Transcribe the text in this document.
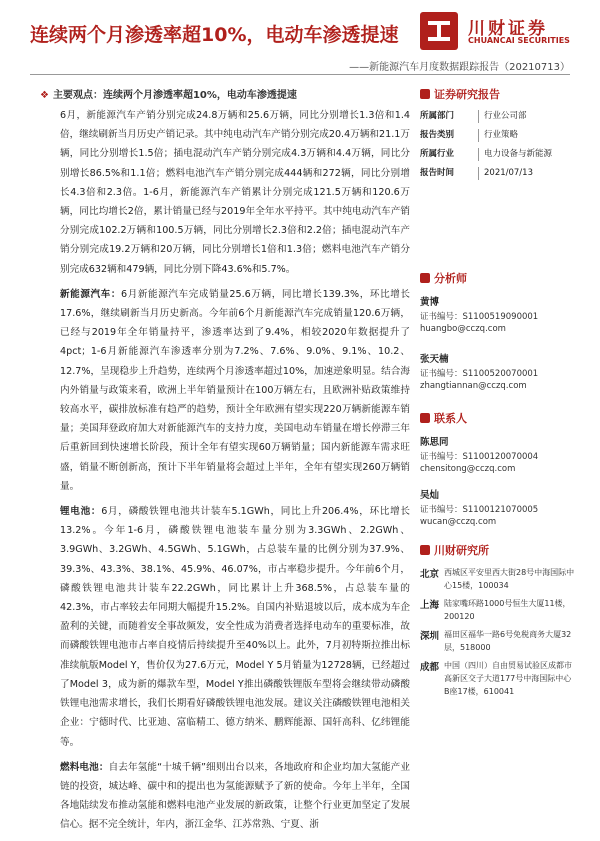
连续两个月渗透率超10%，电动车渗透提速	川财证券
CHUANCAI SECURITIES
——新能源汽车月度数据跟踪报告（20210713）
❖ 主要观点：连续两个月渗透率超10%，电动车渗透提速

6月，新能源汽车产销分别完成24.8万辆和25.6万辆，同比分别增长1.3倍和1.4倍，继续刷新当月历史产销记录。其中纯电动汽车产销分别完成20.4万辆和21.1万辆，同比分别增长1.5倍；插电混动汽车产销分别完成4.3万辆和4.4万辆，同比分别增长86.5%和1.1倍；燃料电池汽车产销分别完成444辆和272辆，同比分别增长4.3倍和2.3倍。1-6月，新能源汽车产销累计分别完成121.5万辆和120.6万辆，同比均增长2倍，累计销量已经与2019年全年水平持平。其中纯电动汽车产销分别完成102.2万辆和100.5万辆，同比分别增长2.3倍和2.2倍；插电混动汽车产销分别完成19.2万辆和20万辆，同比分别增长1倍和1.3倍；燃料电池汽车产销分别完成632辆和479辆，同比分别下降43.6%和5.7%。

新能源汽车：6月新能源汽车完成销量25.6万辆，同比增长139.3%，环比增长17.6%，继续刷新当月历史新高。今年前6个月新能源汽车完成销量120.6万辆，已经与2019年全年销量持平，渗透率达到了9.4%，相较2020年数据提升了4pct；1-6月新能源汽车渗透率分别为7.2%、7.6%、9.0%、9.1%、10.2、12.7%，呈现稳步上升趋势，连续两个月渗透率超过10%，加速逆象明显。结合海内外销量与政策来看，欧洲上半年销量预计在100万辆左右，且欧洲补贴政策维持较高水平，碳排放标准有趋严的趋势，预计全年欧洲有望实现220万辆新能源车销量；美国拜登政府加大对新能源汽车的支持力度，美国电动车销量在增长停滞三年后重新回到快速增长阶段，预计全年有望实现60万辆销量；国内新能源车需求旺盛，销量不断创新高，预计下半年销量将会超过上半年，全年有望实现260万辆销量。

锂电池：6月，磷酸铁锂电池共计装车5.1GWh，同比上升206.4%，环比增长13.2%。今年1-6月，磷酸铁锂电池装车量分别为3.3GWh、2.2GWh、3.9GWh、3.2GWh、4.5GWh、5.1GWh，占总装车量的比例分别为37.9%、39.3%、43.3%、38.1%、45.9%、46.07%，市占率稳步提升。今年前6个月，磷酸铁锂电池共计装车22.2GWh，同比累计上升368.5%，占总装车量的42.3%，市占率较去年同期大幅提升15.2%。自国内补贴退坡以后，成本成为车企盈利的关键，而随着安全事故频发，安全性成为消费者选择电动车的重要标准，故而磷酸铁锂电池市占率自疫情后持续提升至40%以上。此外，7月初特斯拉推出标准续航版Model Y，售价仅为27.6万元，Model Y 5月销量为12728辆，已经超过了Model 3，成为新的爆款车型，Model Y推出磷酸铁锂版车型将会继续带动磷酸铁锂电池需求增长，我们长期看好磷酸铁锂电池发展。建议关注磷酸铁锂电池相关企业：宁德时代、比亚迪、富临精工、德方纳米、鹏辉能源、国轩高科、亿纬锂能等。

燃料电池：自去年氢能“十城千辆”细则出台以来，各地政府和企业均加大氢能产业链的投资，城达峰、碳中和的提出也为氢能源赋予了新的使命。今年上半年，全国各地陆续发布推动氢能和燃料电池产业发展的新政策，让整个行业更加坚定了发展信心。据不完全统计，年内，浙江金华、江苏常熟、宁夏、浙

证券研究报告
所属部门	行业公司部
报告类别	行业策略
所属行业	电力设备与新能源
报告时间	2021/07/13
分析师
黄博
证书编号：S1100519090001
huangbo@cczq.com
张天楠
证书编号：S1100520070001
zhangtiannan@cczq.com
联系人
陈思同
证书编号：S1100120070004
chensitong@cczq.com
吴灿
证书编号：S1100121070005
wucan@cczq.com
川财研究所
北京 西城区平安里西大街28号中海国际中心15楼，100034
上海 陆家嘴环路1000号恒生大厦11楼，200120
深圳 福田区福华一路6号免税商务大厦32层，518000
成都 中国（四川）自由贸易试验区成都市高新区交子大道177号中海国际中心B座17楼，610041
